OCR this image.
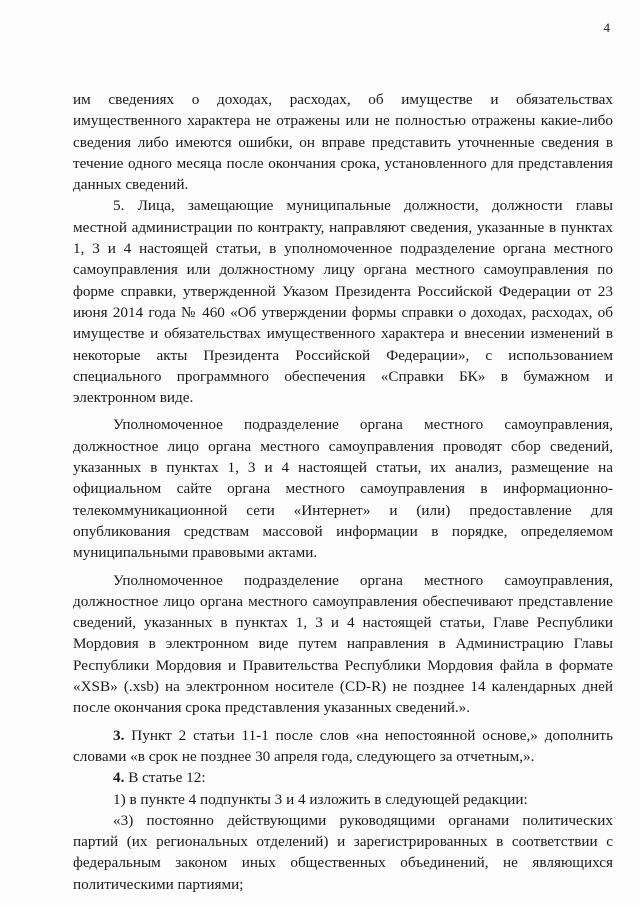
4

им сведениях о доходах, расходах, об имуществе и обязательствах имущественного характера не отражены или не полностью отражены какие-либо сведения либо имеются ошибки, он вправе представить уточненные сведения в течение одного месяца после окончания срока, установленного для представления данных сведений.

5. Лица, замещающие муниципальные должности, должности главы местной администрации по контракту, направляют сведения, указанные в пунктах 1, 3 и 4 настоящей статьи, в уполномоченное подразделение органа местного самоуправления или должностному лицу органа местного самоуправления по форме справки, утвержденной Указом Президента Российской Федерации от 23 июня 2014 года № 460 «Об утверждении формы справки о доходах, расходах, об имуществе и обязательствах имущественного характера и внесении изменений в некоторые акты Президента Российской Федерации», с использованием специального программного обеспечения «Справки БК» в бумажном и электронном виде.

Уполномоченное подразделение органа местного самоуправления, должностное лицо органа местного самоуправления проводят сбор сведений, указанных в пунктах 1, 3 и 4 настоящей статьи, их анализ, размещение на официальном сайте органа местного самоуправления в информационно-телекоммуникационной сети «Интернет» и (или) предоставление для опубликования средствам массовой информации в порядке, определяемом муниципальными правовыми актами.

Уполномоченное подразделение органа местного самоуправления, должностное лицо органа местного самоуправления обеспечивают представление сведений, указанных в пунктах 1, 3 и 4 настоящей статьи, Главе Республики Мордовия в электронном виде путем направления в Администрацию Главы Республики Мордовия и Правительства Республики Мордовия файла в формате «XSB» (.xsb) на электронном носителе (CD-R) не позднее 14 календарных дней после окончания срока представления указанных сведений.».

3. Пункт 2 статьи 11-1 после слов «на непостоянной основе,» дополнить словами «в срок не позднее 30 апреля года, следующего за отчетным,».

4. В статье 12:

1) в пункте 4 подпункты 3 и 4 изложить в следующей редакции:

«3) постоянно действующими руководящими органами политических партий (их региональных отделений) и зарегистрированных в соответствии с федеральным законом иных общественных объединений, не являющихся политическими партиями;
